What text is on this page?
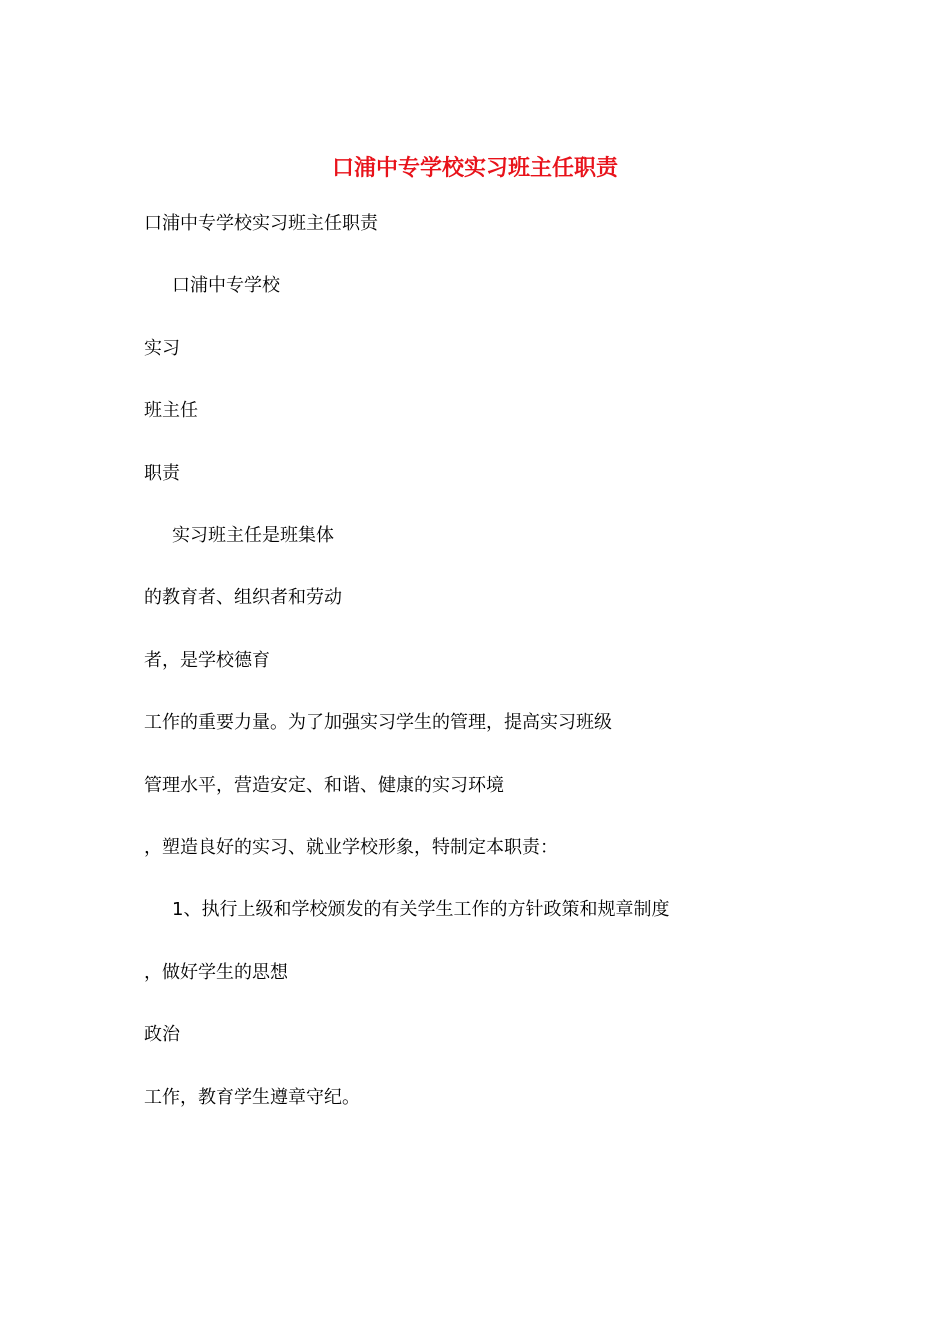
口浦中专学校实习班主任职责

口浦中专学校实习班主任职责

口浦中专学校

实习

班主任

职责

实习班主任是班集体

的教育者、组织者和劳动

者，是学校德育

工作的重要力量。为了加强实习学生的管理，提高实习班级

管理水平，营造安定、和谐、健康的实习环境

，塑造良好的实习、就业学校形象，特制定本职责：

1、执行上级和学校颁发的有关学生工作的方针政策和规章制度

，做好学生的思想

政治

工作，教育学生遵章守纪。
